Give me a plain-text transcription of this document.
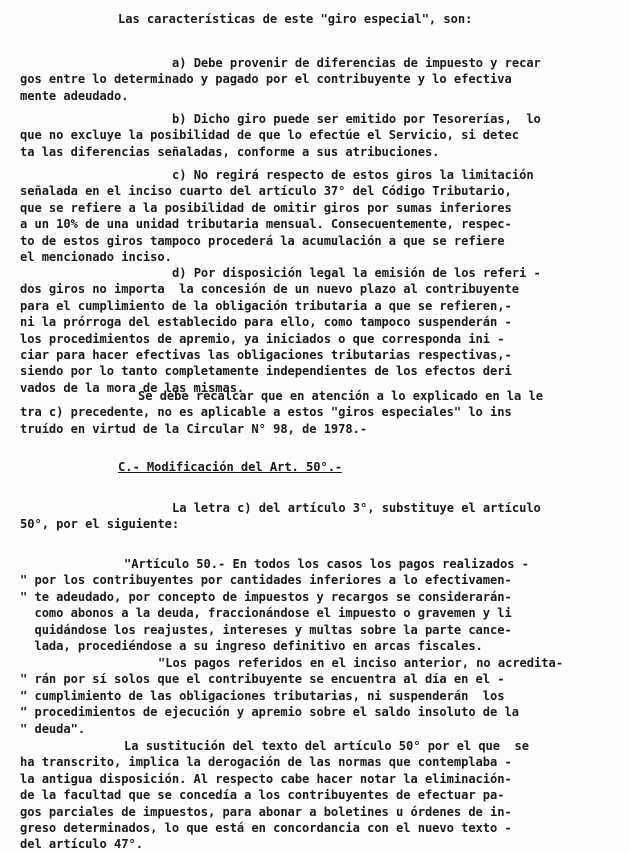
Las características de este "giro especial", son:

a) Debe provenir de diferencias de impuesto y recar
gos entre lo determinado y pagado por el contribuyente y lo efectiva
mente adeudado.

b) Dicho giro puede ser emitido por Tesorerías,  lo
que no excluye la posibilidad de que lo efectúe el Servicio, si detec
ta las diferencias señaladas, conforme a sus atribuciones.

c) No regirá respecto de estos giros la limitación
señalada en el inciso cuarto del artículo 37° del Código Tributario,
que se refiere a la posibilidad de omitir giros por sumas inferiores
a un 10% de una unidad tributaria mensual. Consecuentemente, respec-
to de estos giros tampoco procederá la acumulación a que se refiere
el mencionado inciso.

d) Por disposición legal la emisión de los referi -
dos giros no importa  la concesión de un nuevo plazo al contribuyente
para el cumplimiento de la obligación tributaria a que se refieren,-
ni la prórroga del establecido para ello, como tampoco suspenderán -
los procedimientos de apremio, ya iniciados o que corresponda ini -
ciar para hacer efectivas las obligaciones tributarias respectivas,-
siendo por lo tanto completamente independientes de los efectos deri
vados de la mora de las mismas.

Se debe recalcar que en atención a lo explicado en la le
tra c) precedente, no es aplicable a estos "giros especiales" lo ins
truído en virtud de la Circular N° 98, de 1978.-

C.- Modificación del Art. 50°.-

La letra c) del artículo 3°, substituye el artículo
50°, por el siguiente:

"Artículo 50.- En todos los casos los pagos realizados -
" por los contribuyentes por cantidades inferiores a lo efectivamen-
" te adeudado, por concepto de impuestos y recargos se considerarán-
como abonos a la deuda, fraccionándose el impuesto o gravemen y li
quidándose los reajustes, intereses y multas sobre la parte cance-
lada, procediéndose a su ingreso definitivo en arcas fiscales.

"Los pagos referidos en el inciso anterior, no acredita-
" rán por sí solos que el contribuyente se encuentra al día en el -
" cumplimiento de las obligaciones tributarias, ni suspenderán  los
" procedimientos de ejecución y apremio sobre el saldo insoluto de la
" deuda".

La sustitución del texto del artículo 50° por el que  se
ha transcrito, implica la derogación de las normas que contemplaba -
la antigua disposición. Al respecto cabe hacer notar la eliminación-
de la facultad que se concedía a los contribuyentes de efectuar pa-
gos parciales de impuestos, para abonar a boletines u órdenes de in-
greso determinados, lo que está en concordancia con el nuevo texto -
del artículo 47°.
